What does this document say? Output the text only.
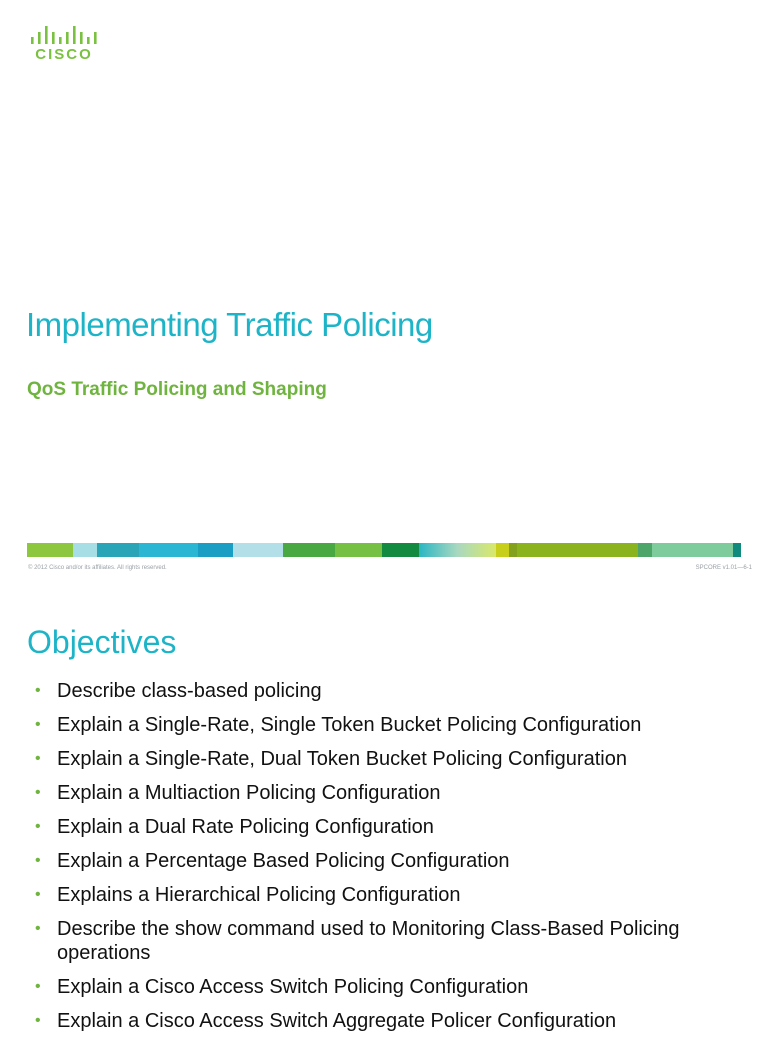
CISCO
Implementing Traffic Policing
QoS Traffic Policing and Shaping
© 2012 Cisco and/or its affiliates. All rights reserved.	SPCORE v1.01—6-1
Objectives
• Describe class-based policing
• Explain a Single-Rate, Single Token Bucket Policing Configuration
• Explain a Single-Rate, Dual Token Bucket Policing Configuration
• Explain a Multiaction Policing Configuration
• Explain a Dual Rate Policing Configuration
• Explain a Percentage Based Policing Configuration
• Explains a Hierarchical Policing Configuration
• Describe the show command used to Monitoring Class-Based Policing operations
• Explain a Cisco Access Switch Policing Configuration
• Explain a Cisco Access Switch Aggregate Policer Configuration
